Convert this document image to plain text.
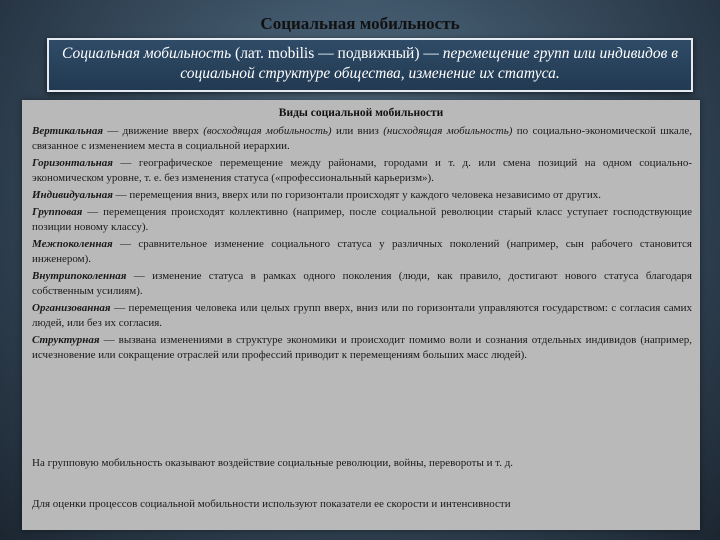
Социальная мобильность
Социальная мобильность (лат. mobilis — подвижный) — перемещение групп или индивидов в социальной структуре общества, изменение их статуса.
Виды социальной мобильности
Вертикальная — движение вверх (восходящая мобильность) или вниз (нисходящая мобильность) по социально-экономической шкале, связанное с изменением места в социальной иерархии.
Горизонтальная — географическое перемещение между районами, городами и т. д. или смена позиций на одном социально-экономическом уровне, т. е. без изменения статуса («профессиональный карьеризм»).
Индивидуальная — перемещения вниз, вверх или по горизонтали происходят у каждого человека независимо от других.
Групповая — перемещения происходят коллективно (например, после социальной революции старый класс уступает господствующие позиции новому классу).
Межпоколенная — сравнительное изменение социального статуса у различных поколений (например, сын рабочего становится инженером).
Внутрипоколенная — изменение статуса в рамках одного поколения (люди, как правило, достигают нового статуса благодаря собственным усилиям).
Организованная — перемещения человека или целых групп вверх, вниз или по горизонтали управляются государством: с согласия самих людей, или без их согласия.
Структурная — вызвана изменениями в структуре экономики и происходит помимо воли и сознания отдельных индивидов (например, исчезновение или сокращение отраслей или профессий приводит к перемещениям больших масс людей).
На групповую мобильность оказывают воздействие социальные революции, войны, перевороты и т. д.
Для оценки процессов социальной мобильности используют показатели ее скорости и интенсивности
